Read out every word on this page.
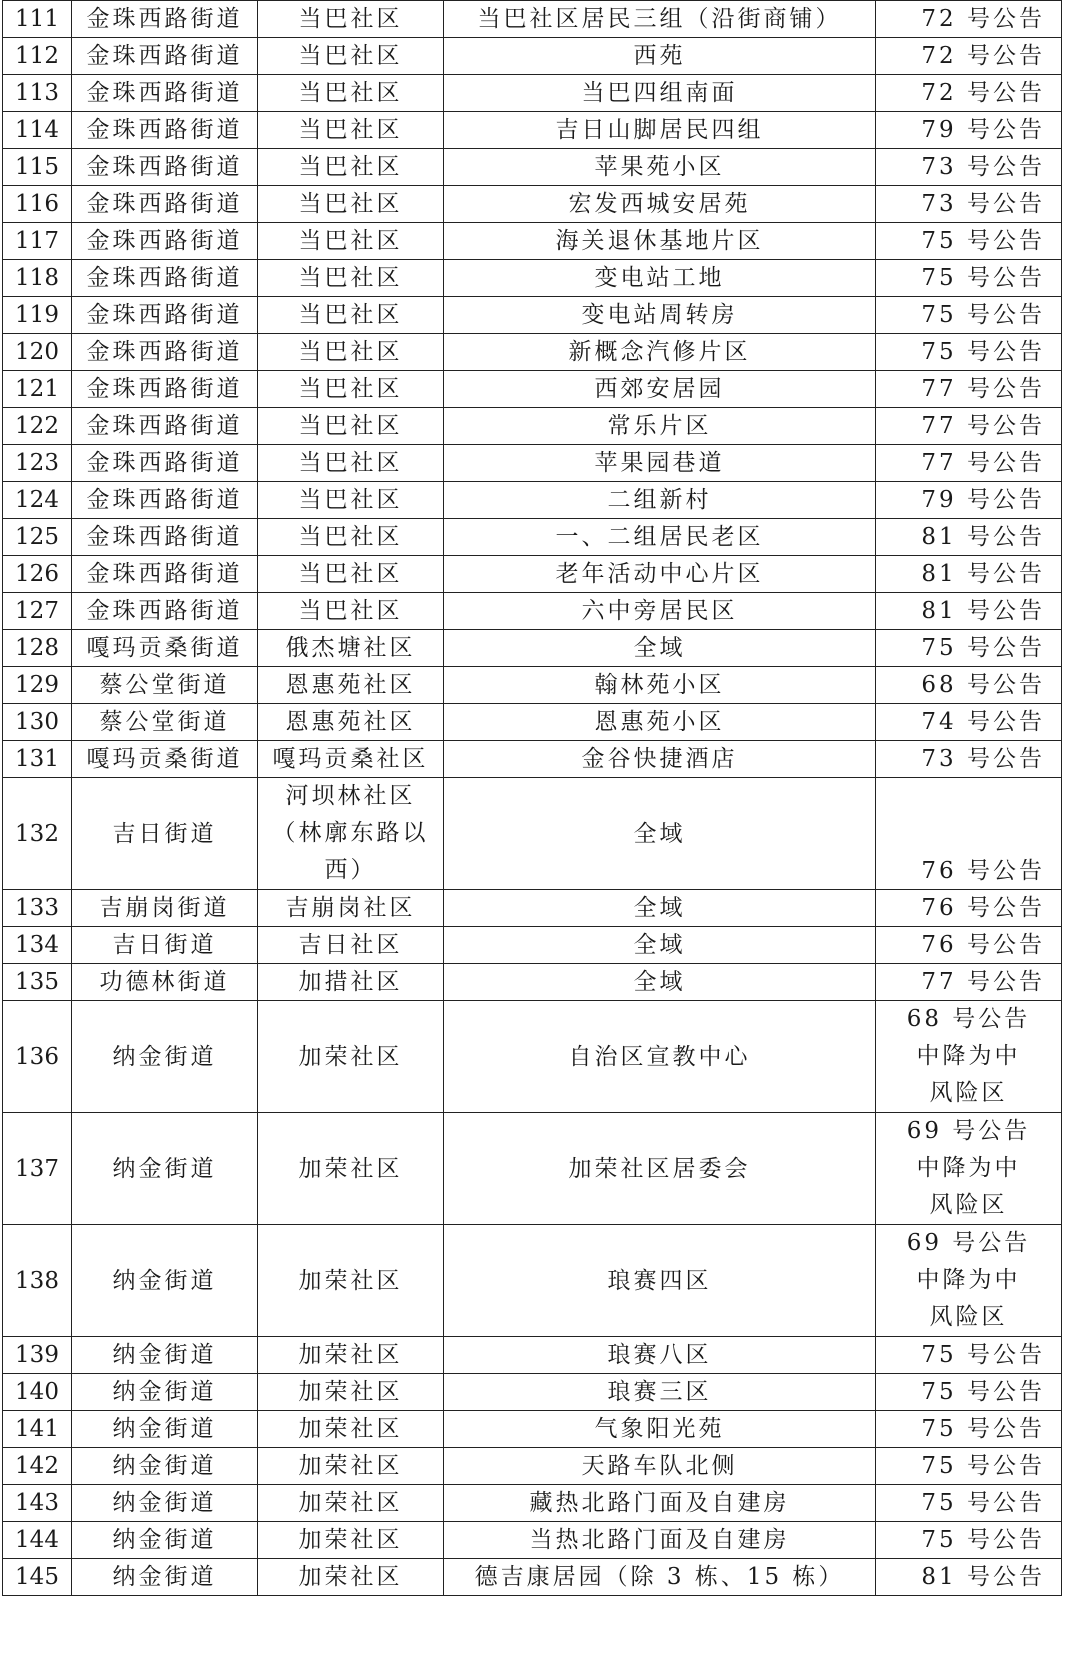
111	金珠西路街道	当巴社区	当巴社区居民三组（沿街商铺）	72 号公告

112	金珠西路街道	当巴社区	西苑	72 号公告

113	金珠西路街道	当巴社区	当巴四组南面	72 号公告

114	金珠西路街道	当巴社区	吉日山脚居民四组	79 号公告

115	金珠西路街道	当巴社区	苹果苑小区	73 号公告

116	金珠西路街道	当巴社区	宏发西城安居苑	73 号公告

117	金珠西路街道	当巴社区	海关退休基地片区	75 号公告

118	金珠西路街道	当巴社区	变电站工地	75 号公告

119	金珠西路街道	当巴社区	变电站周转房	75 号公告

120	金珠西路街道	当巴社区	新概念汽修片区	75 号公告

121	金珠西路街道	当巴社区	西郊安居园	77 号公告

122	金珠西路街道	当巴社区	常乐片区	77 号公告

123	金珠西路街道	当巴社区	苹果园巷道	77 号公告

124	金珠西路街道	当巴社区	二组新村	79 号公告

125	金珠西路街道	当巴社区	一、二组居民老区	81 号公告

126	金珠西路街道	当巴社区	老年活动中心片区	81 号公告

127	金珠西路街道	当巴社区	六中旁居民区	81 号公告

128	嘎玛贡桑街道	俄杰塘社区	全域	75 号公告

129	蔡公堂街道	恩惠苑社区	翰林苑小区	68 号公告

130	蔡公堂街道	恩惠苑社区	恩惠苑小区	74 号公告

131	嘎玛贡桑街道	嘎玛贡桑社区	金谷快捷酒店	73 号公告

132	吉日街道	河坝林社区
（林廓东路以
西）	全域	76 号公告

133	吉崩岗街道	吉崩岗社区	全域	76 号公告

134	吉日街道	吉日社区	全域	76 号公告

135	功德林街道	加措社区	全域	77 号公告

136	纳金街道	加荣社区	自治区宣教中心	68 号公告
中降为中
风险区

137	纳金街道	加荣社区	加荣社区居委会	69 号公告
中降为中
风险区

138	纳金街道	加荣社区	琅赛四区	69 号公告
中降为中
风险区

139	纳金街道	加荣社区	琅赛八区	75 号公告

140	纳金街道	加荣社区	琅赛三区	75 号公告

141	纳金街道	加荣社区	气象阳光苑	75 号公告

142	纳金街道	加荣社区	天路车队北侧	75 号公告

143	纳金街道	加荣社区	藏热北路门面及自建房	75 号公告

144	纳金街道	加荣社区	当热北路门面及自建房	75 号公告

145	纳金街道	加荣社区	德吉康居园（除 3 栋、15 栋）	81 号公告
